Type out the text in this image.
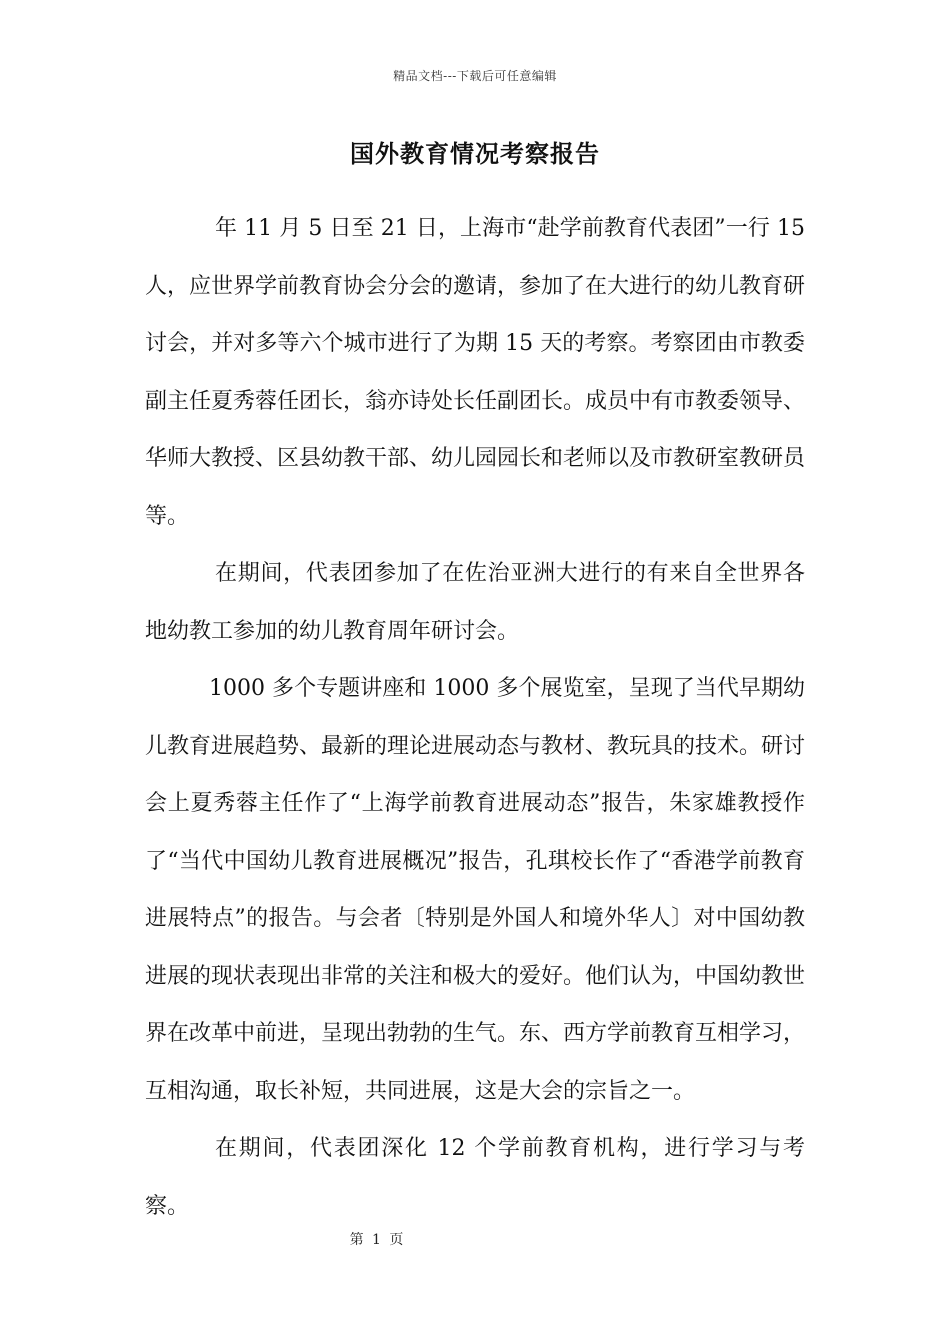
精品文档---下载后可任意编辑
国外教育情况考察报告

年 11 月 5 日至 21 日，上海市“赴学前教育代表团”一行 15 人，应世界学前教育协会分会的邀请，参加了在大进行的幼儿教育研讨会，并对多等六个城市进行了为期 15 天的考察。考察团由市教委副主任夏秀蓉任团长，翁亦诗处长任副团长。成员中有市教委领导、华师大教授、区县幼教干部、幼儿园园长和老师以及市教研室教研员等。

在期间，代表团参加了在佐治亚洲大进行的有来自全世界各地幼教工参加的幼儿教育周年研讨会。

1000 多个专题讲座和 1000 多个展览室，呈现了当代早期幼儿教育进展趋势、最新的理论进展动态与教材、教玩具的技术。研讨会上夏秀蓉主任作了“上海学前教育进展动态”报告，朱家雄教授作了“当代中国幼儿教育进展概况”报告，孔琪校长作了“香港学前教育进展特点”的报告。与会者〔特别是外国人和境外华人〕对中国幼教进展的现状表现出非常的关注和极大的爱好。他们认为，中国幼教世界在改革中前进，呈现出勃勃的生气。东、西方学前教育互相学习，互相沟通，取长补短，共同进展，这是大会的宗旨之一。

在期间，代表团深化 12 个学前教育机构，进行学习与考察。

第 1 页
